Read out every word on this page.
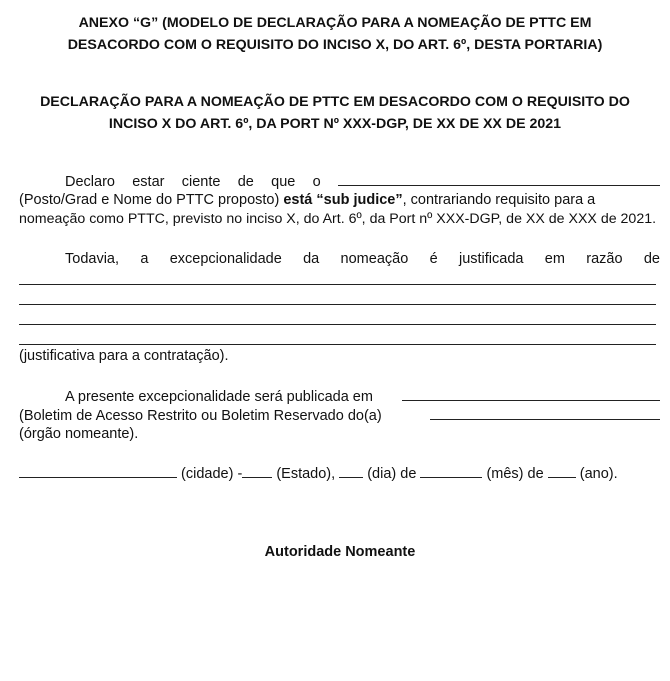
ANEXO “G” (MODELO DE DECLARAÇÃO PARA A NOMEAÇÃO DE PTTC EM
DESACORDO COM O REQUISITO DO INCISO X, DO ART. 6º, DESTA PORTARIA)
DECLARAÇÃO PARA A NOMEAÇÃO DE PTTC EM DESACORDO COM O REQUISITO DO
INCISO X DO ART. 6º, DA PORT Nº XXX-DGP, DE XX DE XX DE 2021
Declaro estar ciente de que o
(Posto/Grad e Nome do PTTC proposto) está “sub judice”, contrariando requisito para a
nomeação como PTTC, previsto no inciso X, do Art. 6º, da Port nº XXX-DGP, de XX de XXX de 2021.
Todavia, a excepcionalidade da nomeação é justificada em razão de
(justificativa para a contratação).
A presente excepcionalidade será publicada em
(Boletim de Acesso Restrito ou Boletim Reservado do(a)
(órgão nomeante).
(cidade) - (Estado), (dia) de	(mês) de (ano).
Autoridade Nomeante
